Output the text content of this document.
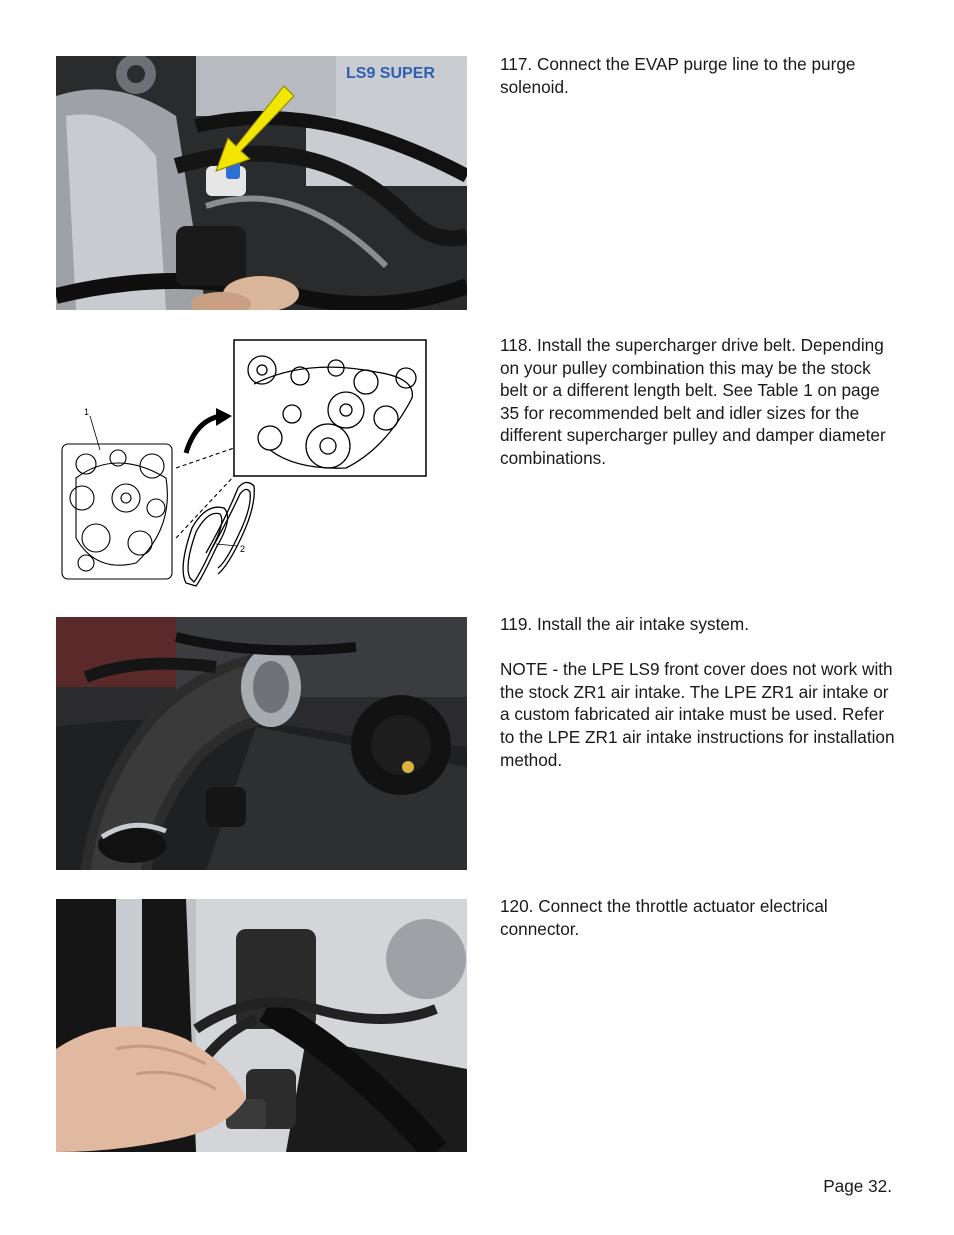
LS9 SUPER	117. Connect the EVAP purge line to the purge solenoid.

1
2

118. Install the supercharger drive belt. Depending on your pulley combination this may be the stock belt or a different length belt. See Table 1 on page 35 for recommended belt and idler sizes for the different supercharger pulley and damper diameter combinations.

119. Install the air intake system.

NOTE - the LPE LS9 front cover does not work with the stock ZR1 air intake. The LPE ZR1 air intake or a custom fabricated air intake must be used. Refer to the LPE ZR1 air intake instructions for installation method.

120. Connect the throttle actuator electrical connector.

Page 32.
